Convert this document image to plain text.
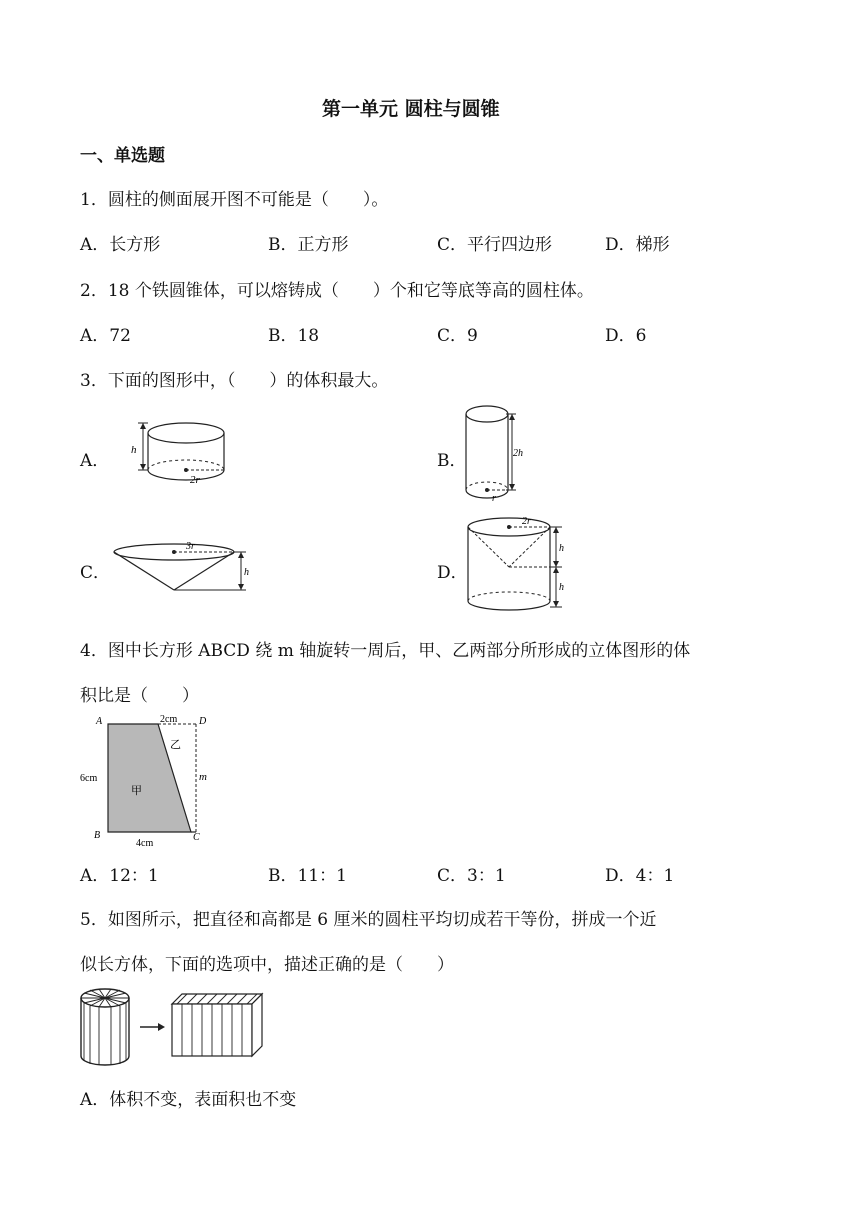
第一单元 圆柱与圆锥
一、单选题
1．圆柱的侧面展开图不可能是（　　）。
A．长方形	B．正方形	C．平行四边形	D．梯形
2．18 个铁圆锥体，可以熔铸成（　　）个和它等底等高的圆柱体。
A．72	B．18	C．9	D．6
3．下面的图形中，（　　）的体积最大。
A．	B．
C．	D．
h
2r
r
2h
3r
h
2r
h
h
4．图中长方形 ABCD 绕 m 轴旋转一周后，甲、乙两部分所形成的立体图形的体
积比是（　　）
A	D
B	C
2cm
6cm
4cm
m
甲
乙
A．12：1	B．11：1	C．3：1	D．4：1
5．如图所示，把直径和高都是 6 厘米的圆柱平均切成若干等份，拼成一个近
似长方体，下面的选项中，描述正确的是（　　）
A．体积不变，表面积也不变
